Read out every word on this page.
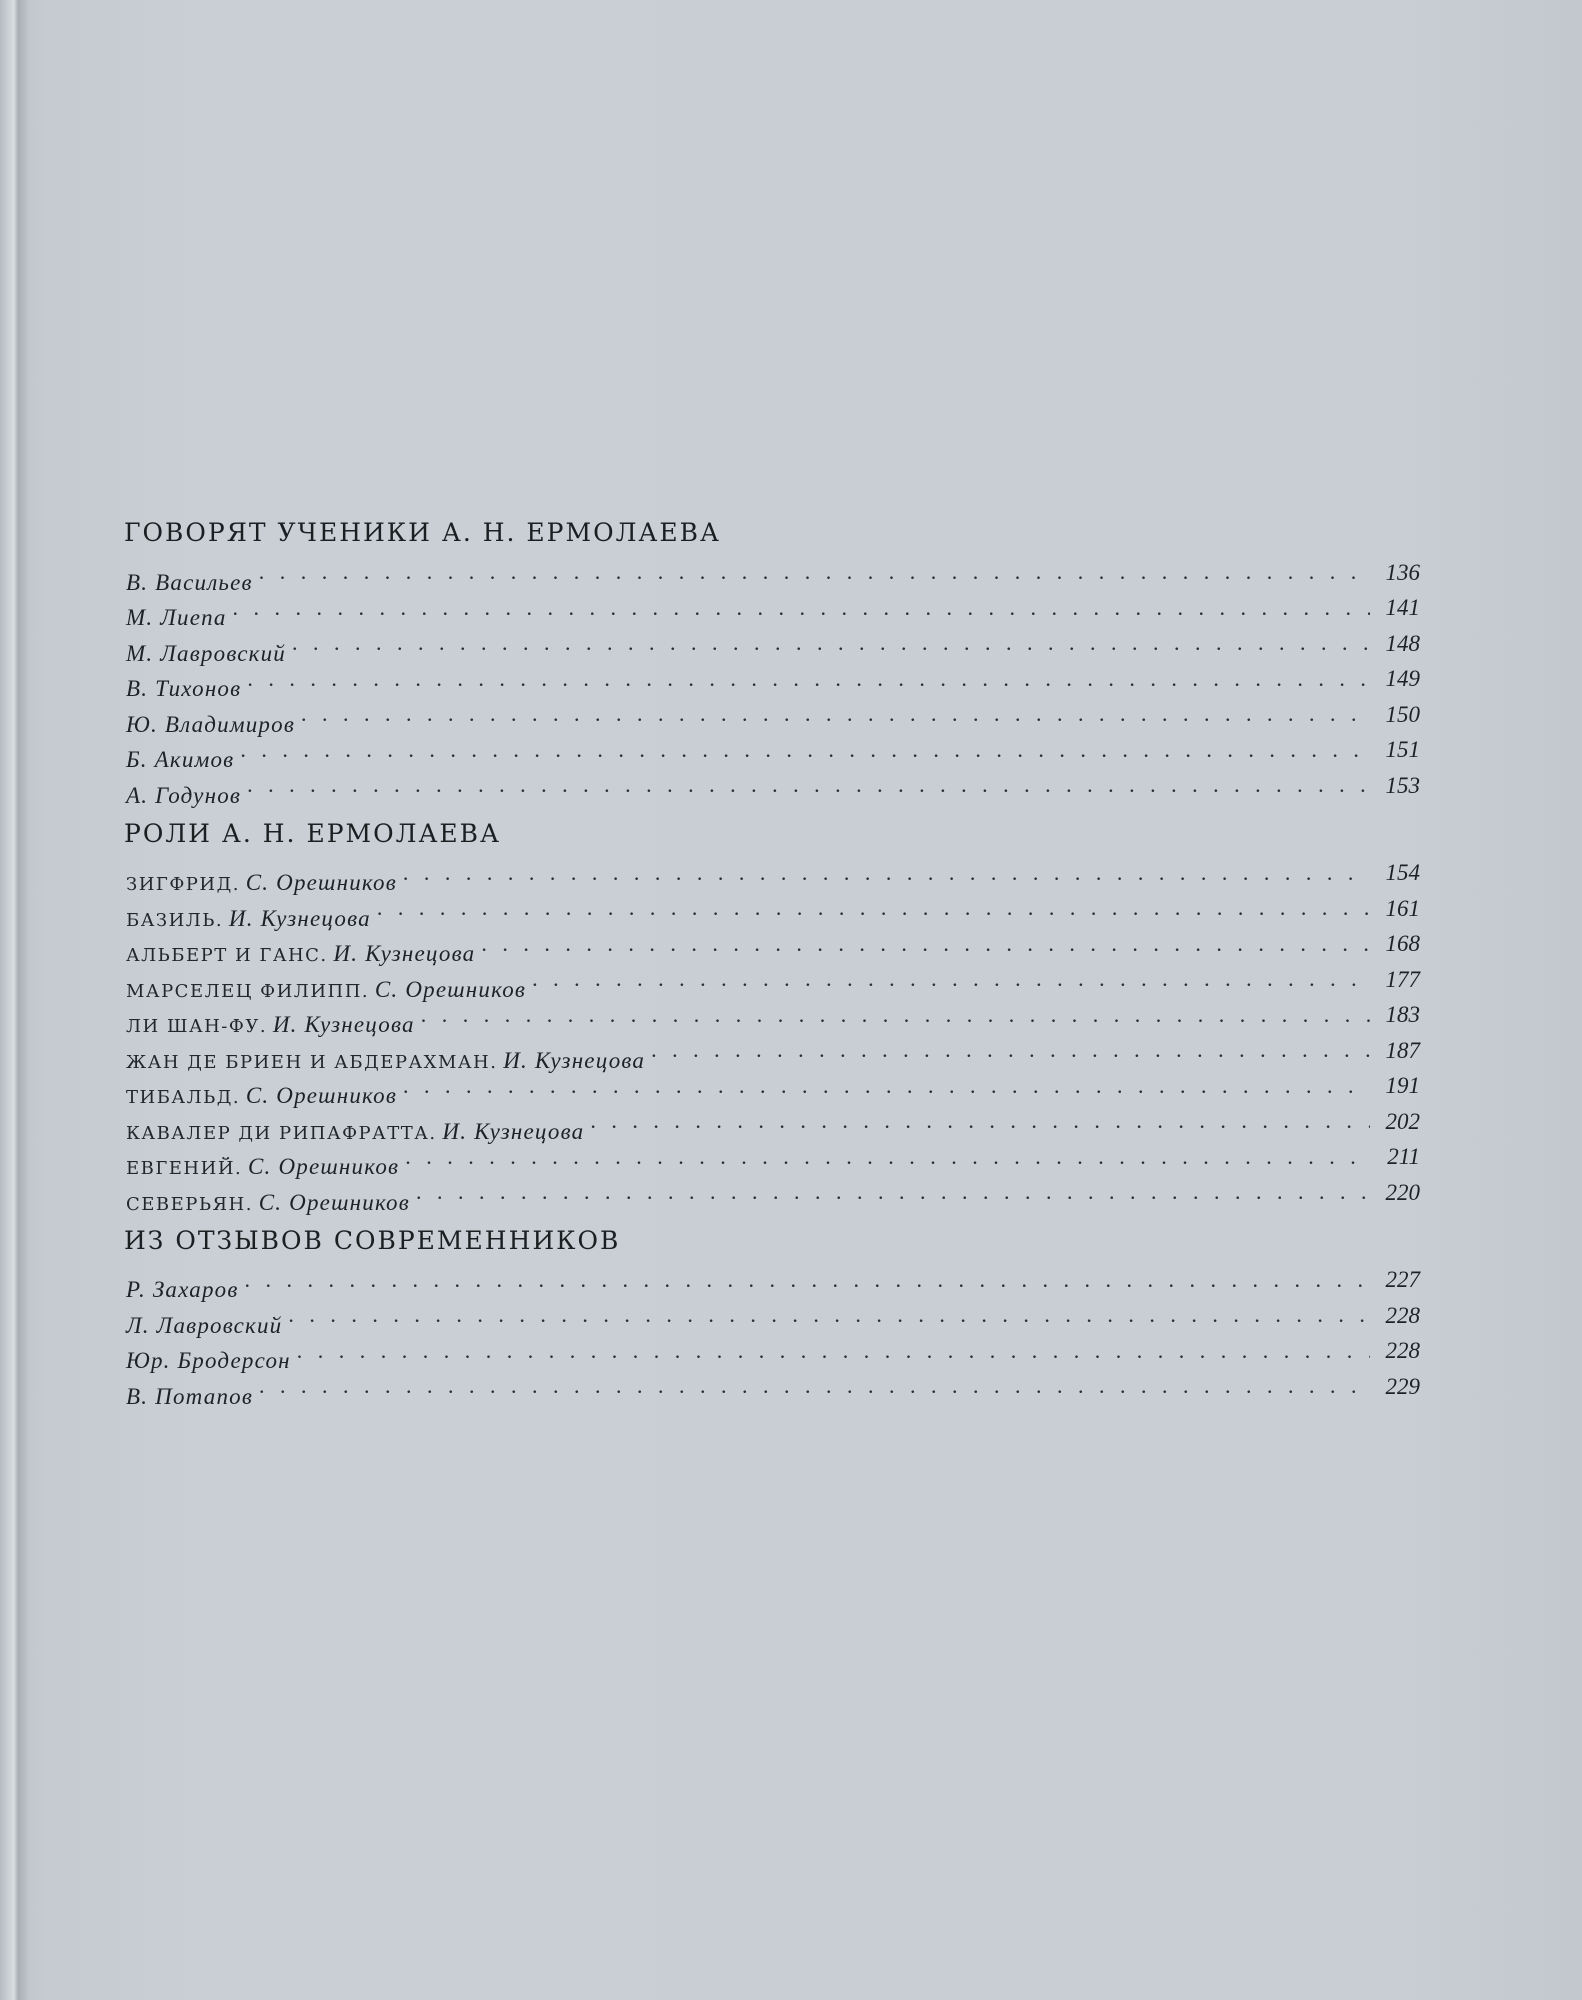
ГОВОРЯТ УЧЕНИКИ А. Н. ЕРМОЛАЕВА
В. Васильев . . .	136
М. Лиепа . . .	141
М. Лавровский . . .	148
В. Тихонов . . .	149
Ю. Владимиров . . .	150
Б. Акимов . . .	151
А. Годунов . . .	153
РОЛИ А. Н. ЕРМОЛАЕВА
ЗИГФРИД. С. Орешников . . .	154
БАЗИЛЬ. И. Кузнецова . . .	161
АЛЬБЕРТ И ГАНС. И. Кузнецова . . .	168
МАРСЕЛЕЦ ФИЛИПП. С. Орешников . . .	177
ЛИ ШАН-ФУ. И. Кузнецова . . .	183
ЖАН ДЕ БРИЕН И АБДЕРАХМАН. И. Кузнецова . . .	187
ТИБАЛЬД. С. Орешников . . .	191
КАВАЛЕР ДИ РИПАФРАТТА. И. Кузнецова . . .	202
ЕВГЕНИЙ. С. Орешников . . .	211
СЕВЕРЬЯН. С. Орешников . . .	220
ИЗ ОТЗЫВОВ СОВРЕМЕННИКОВ
Р. Захаров . . .	227
Л. Лавровский . . .	228
Юр. Бродерсон . . .	228
В. Потапов . . .	229
